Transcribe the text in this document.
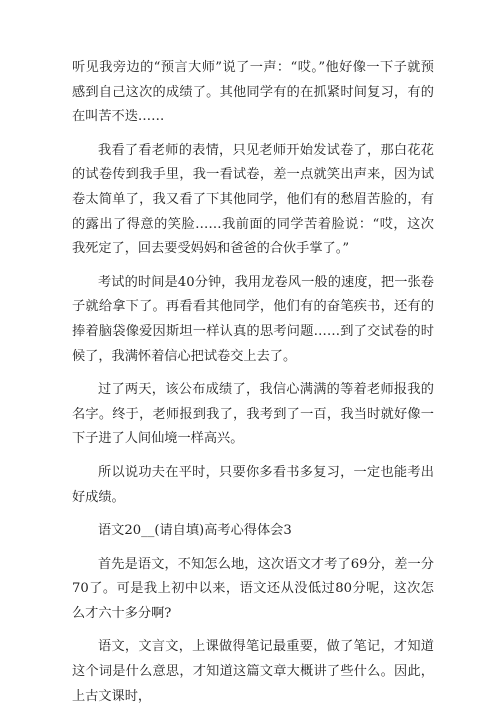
听见我旁边的“预言大师”说了一声：“哎。”他好像一下子就预感到自己这次的成绩了。其他同学有的在抓紧时间复习，有的在叫苦不迭……

我看了看老师的表情，只见老师开始发试卷了，那白花花的试卷传到我手里，我一看试卷，差一点就笑出声来，因为试卷太简单了，我又看了下其他同学，他们有的愁眉苦脸的，有的露出了得意的笑脸……我前面的同学苦着脸说：“哎，这次我死定了，回去要受妈妈和爸爸的合伙手掌了。”

考试的时间是40分钟，我用龙卷风一般的速度，把一张卷子就给拿下了。再看看其他同学，他们有的奋笔疾书，还有的捧着脑袋像爱因斯坦一样认真的思考问题……到了交试卷的时候了，我满怀着信心把试卷交上去了。

过了两天，该公布成绩了，我信心满满的等着老师报我的名字。终于，老师报到我了，我考到了一百，我当时就好像一下子进了人间仙境一样高兴。

所以说功夫在平时，只要你多看书多复习，一定也能考出好成绩。

语文20__(请自填)高考心得体会3

首先是语文，不知怎么地，这次语文才考了69分，差一分70了。可是我上初中以来，语文还从没低过80分呢，这次怎么才六十多分啊?

语文，文言文，上课做得笔记最重要，做了笔记，才知道这个词是什么意思，才知道这篇文章大概讲了些什么。因此，上古文课时，
